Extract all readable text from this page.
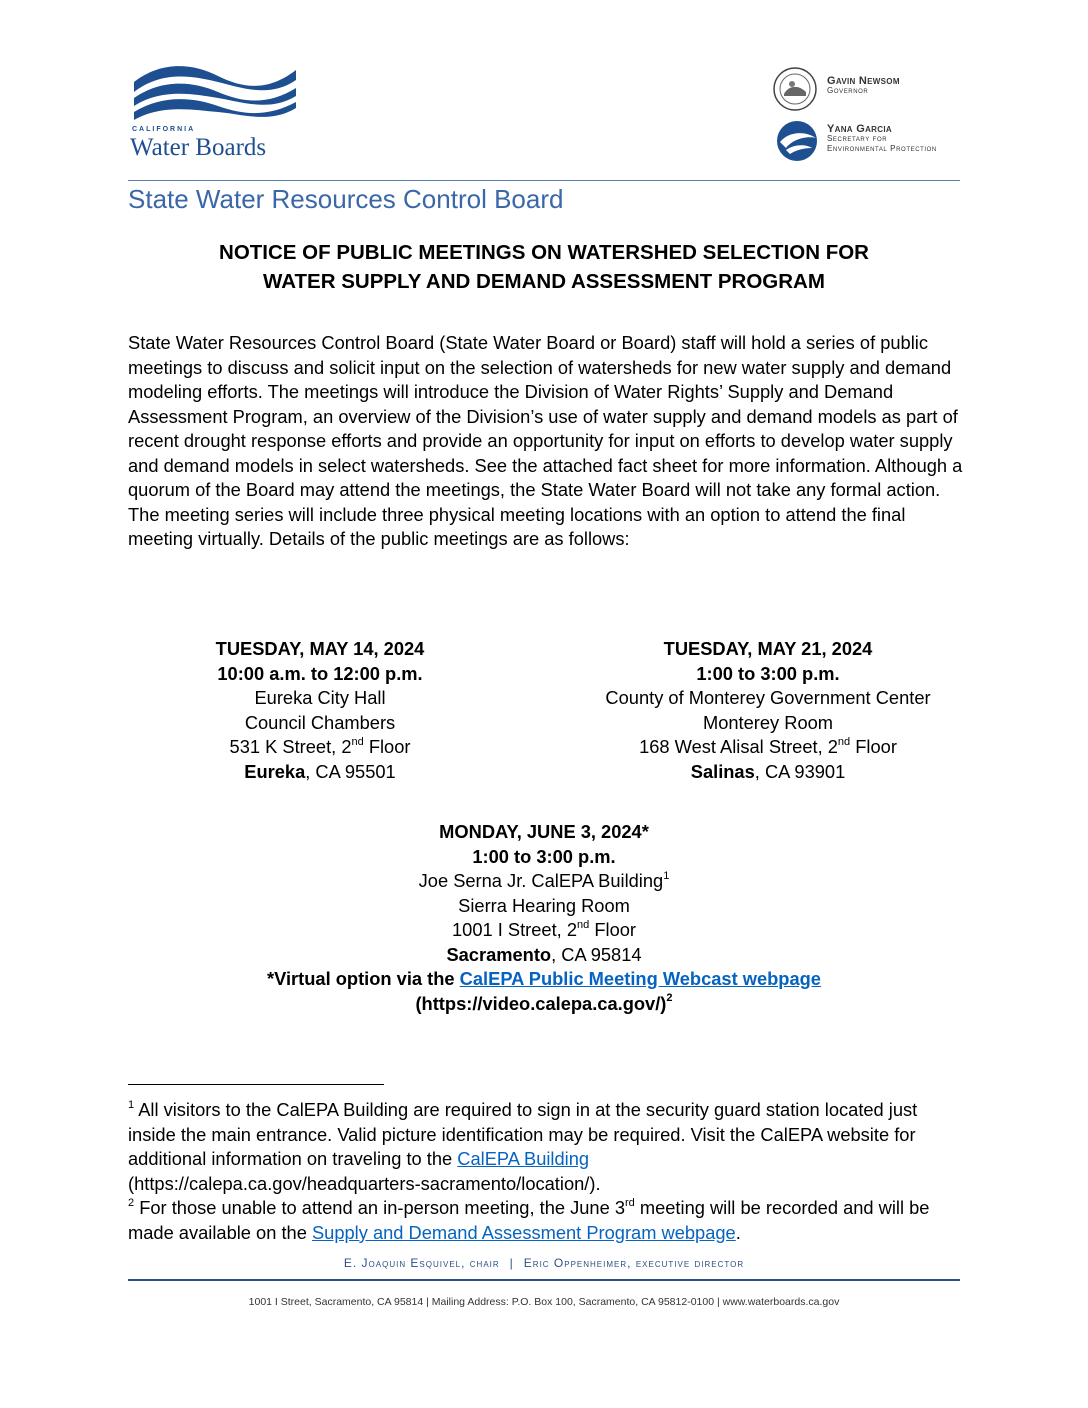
CALIFORNIA
Water Boards
Gavin Newsom
Governor
Yana Garcia
Secretary for
Environmental Protection
State Water Resources Control Board
NOTICE OF PUBLIC MEETINGS ON WATERSHED SELECTION FOR
WATER SUPPLY AND DEMAND ASSESSMENT PROGRAM
State Water Resources Control Board (State Water Board or Board) staff will hold a series of public meetings to discuss and solicit input on the selection of watersheds for new water supply and demand modeling efforts. The meetings will introduce the Division of Water Rights’ Supply and Demand Assessment Program, an overview of the Division’s use of water supply and demand models as part of recent drought response efforts and provide an opportunity for input on efforts to develop water supply and demand models in select watersheds. See the attached fact sheet for more information. Although a quorum of the Board may attend the meetings, the State Water Board will not take any formal action. The meeting series will include three physical meeting locations with an option to attend the final meeting virtually. Details of the public meetings are as follows:
TUESDAY, MAY 14, 2024
10:00 a.m. to 12:00 p.m.
Eureka City Hall
Council Chambers
531 K Street, 2nd Floor
Eureka, CA 95501
TUESDAY, MAY 21, 2024
1:00 to 3:00 p.m.
County of Monterey Government Center
Monterey Room
168 West Alisal Street, 2nd Floor
Salinas, CA 93901
MONDAY, JUNE 3, 2024*
1:00 to 3:00 p.m.
Joe Serna Jr. CalEPA Building$^1$
Sierra Hearing Room
1001 I Street, 2nd Floor
Sacramento, CA 95814
*Virtual option via the CalEPA Public Meeting Webcast webpage
(https://video.calepa.ca.gov/)$^2$
$^1$ All visitors to the CalEPA Building are required to sign in at the security guard station located just inside the main entrance. Valid picture identification may be required. Visit the CalEPA website for additional information on traveling to the CalEPA Building
(https://calepa.ca.gov/headquarters-sacramento/location/).
$^2$ For those unable to attend an in-person meeting, the June 3rd meeting will be recorded and will be made available on the Supply and Demand Assessment Program webpage.
E. Joaquin Esquivel, chair | Eric Oppenheimer, executive director
1001 I Street, Sacramento, CA 95814 | Mailing Address: P.O. Box 100, Sacramento, CA 95812-0100 | www.waterboards.ca.gov
